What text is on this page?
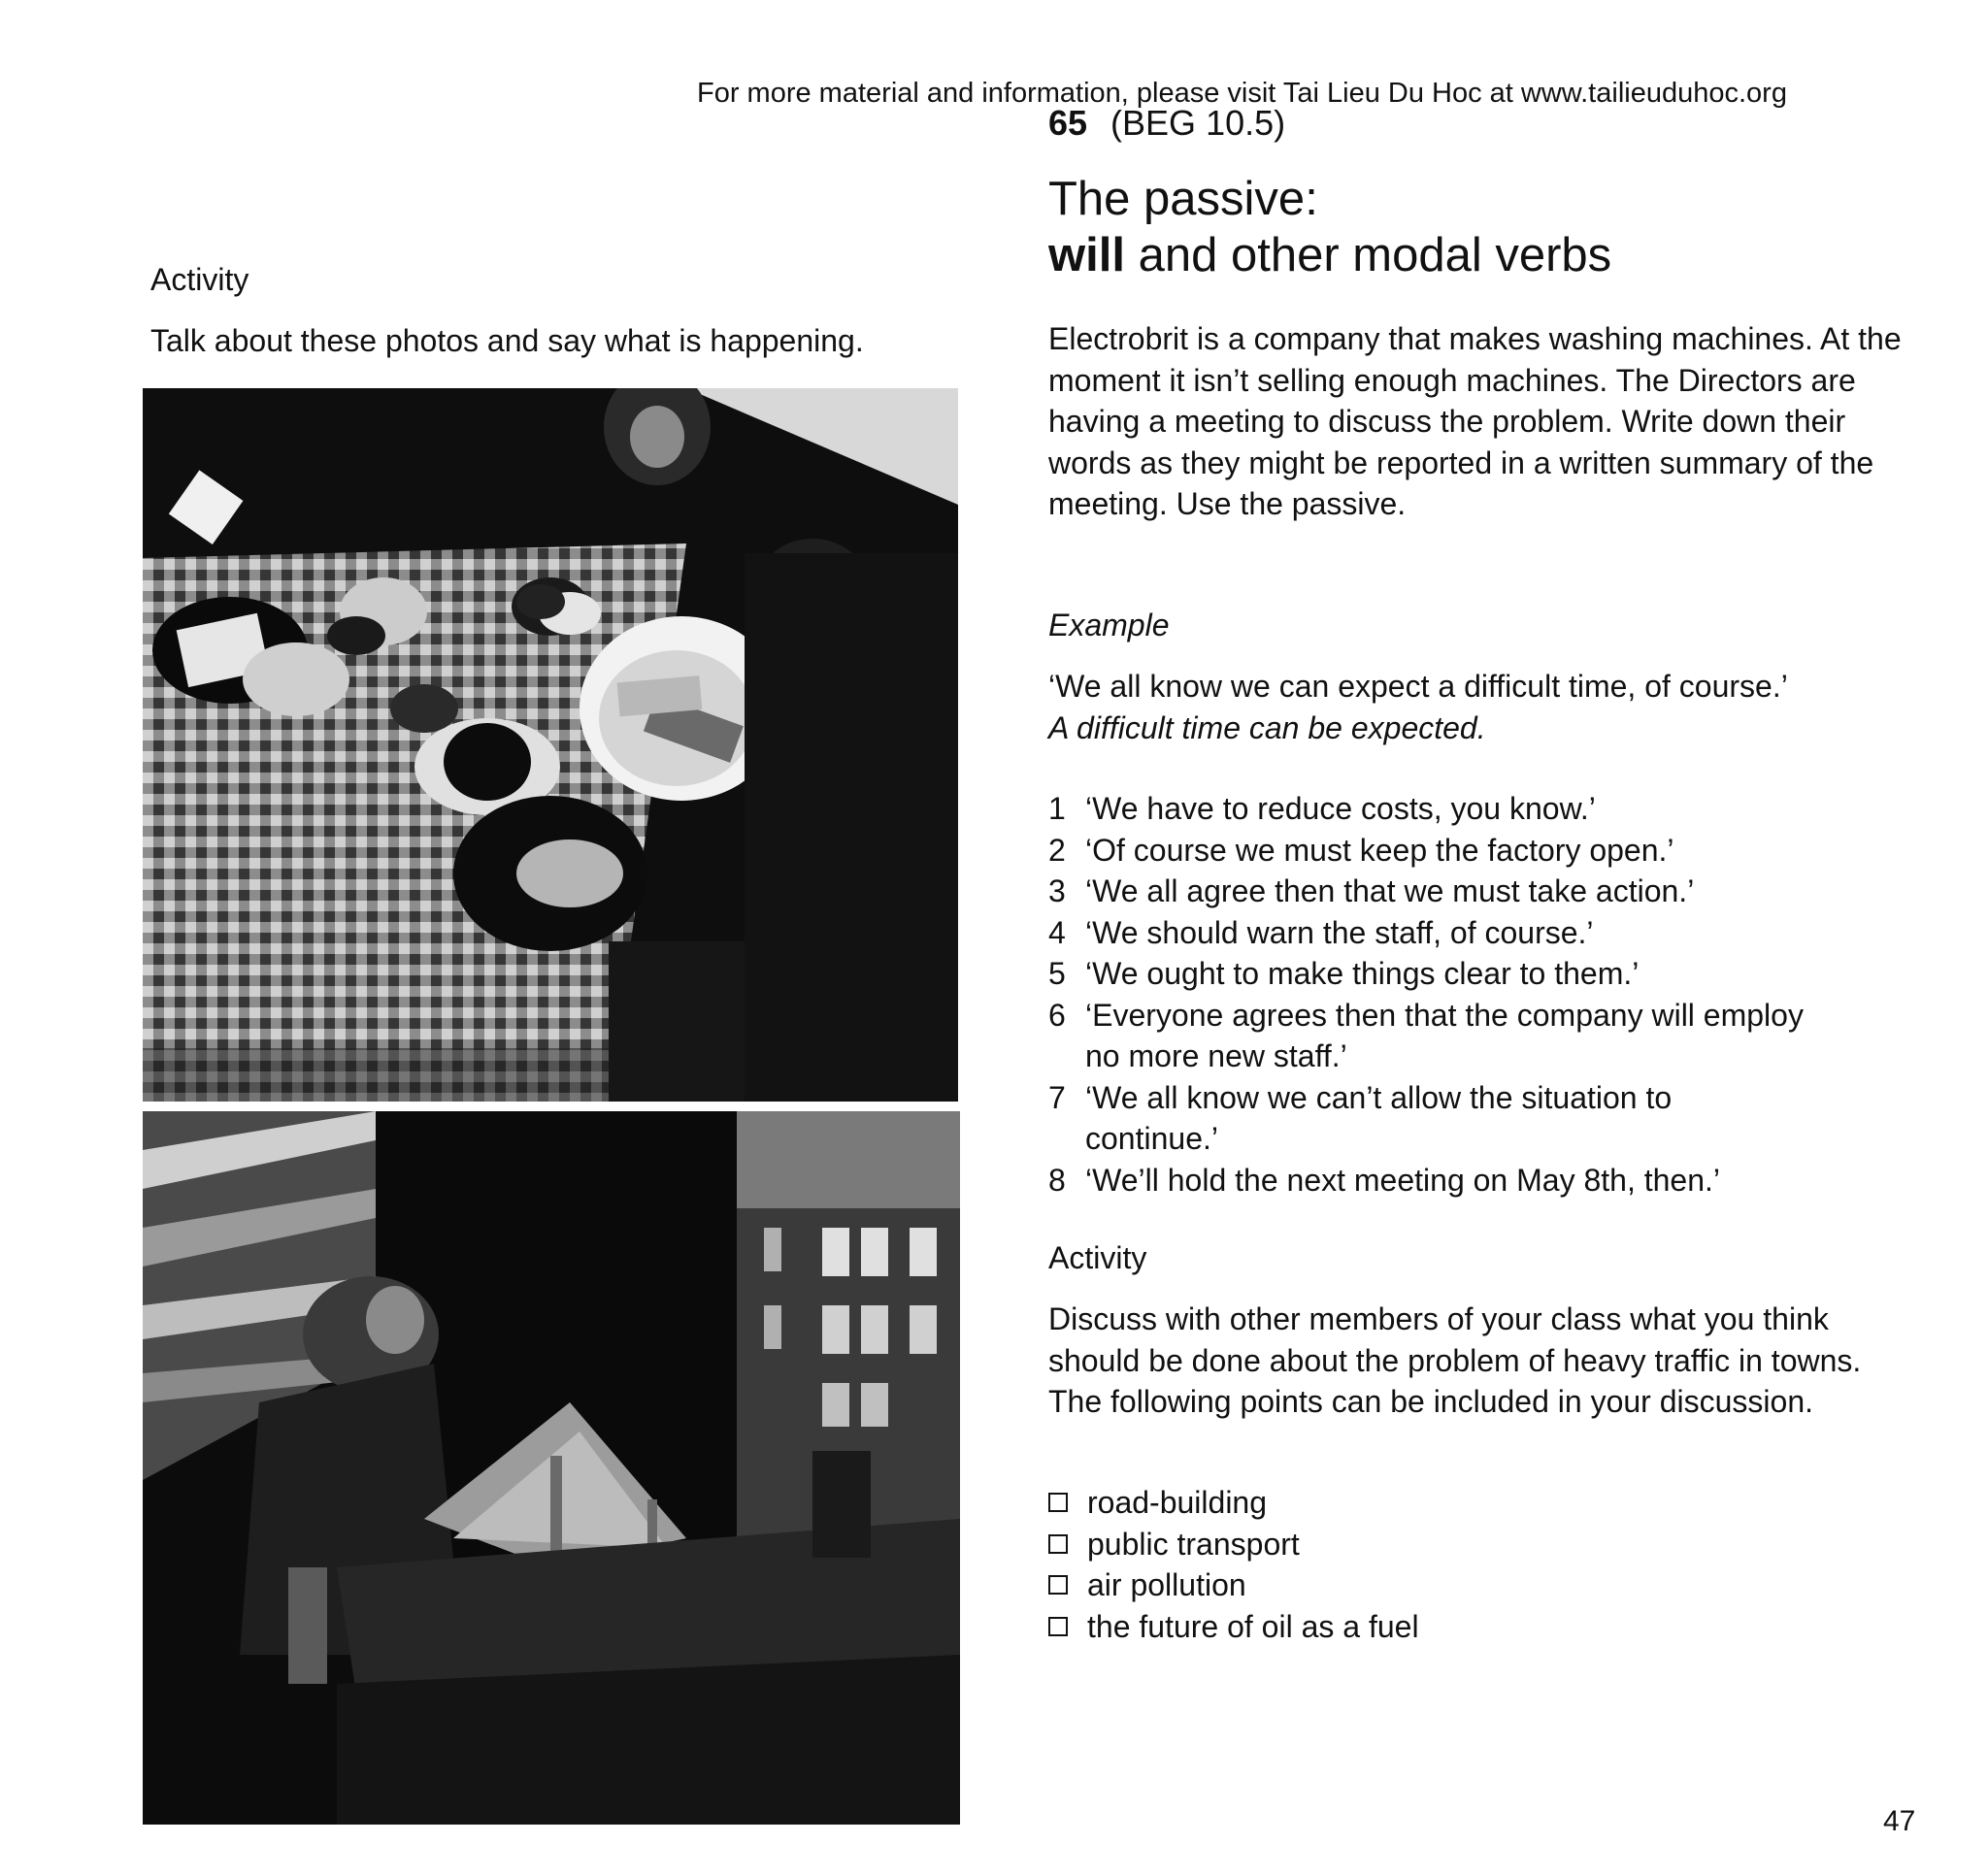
For more material and information, please visit Tai Lieu Du Hoc at www.tailieuduhoc.org
65 (BEG 10.5)
The passive:
will and other modal verbs
Activity
Talk about these photos and say what is happening.	Electrobrit is a company that makes washing machines. At the moment it isn’t selling enough machines. The Directors are having a meeting to discuss the problem. Write down their words as they might be reported in a written summary of the meeting. Use the passive.
Example
‘We all know we can expect a difficult time, of course.’
A difficult time can be expected.
1 ‘We have to reduce costs, you know.’
2 ‘Of course we must keep the factory open.’
3 ‘We all agree then that we must take action.’
4 ‘We should warn the staff, of course.’
5 ‘We ought to make things clear to them.’
6 ‘Everyone agrees then that the company will employ no more new staff.’
7 ‘We all know we can’t allow the situation to continue.’
8 ‘We’ll hold the next meeting on May 8th, then.’
Activity
Discuss with other members of your class what you think should be done about the problem of heavy traffic in towns. The following points can be included in your discussion.
road-building
public transport
air pollution
the future of oil as a fuel
47
